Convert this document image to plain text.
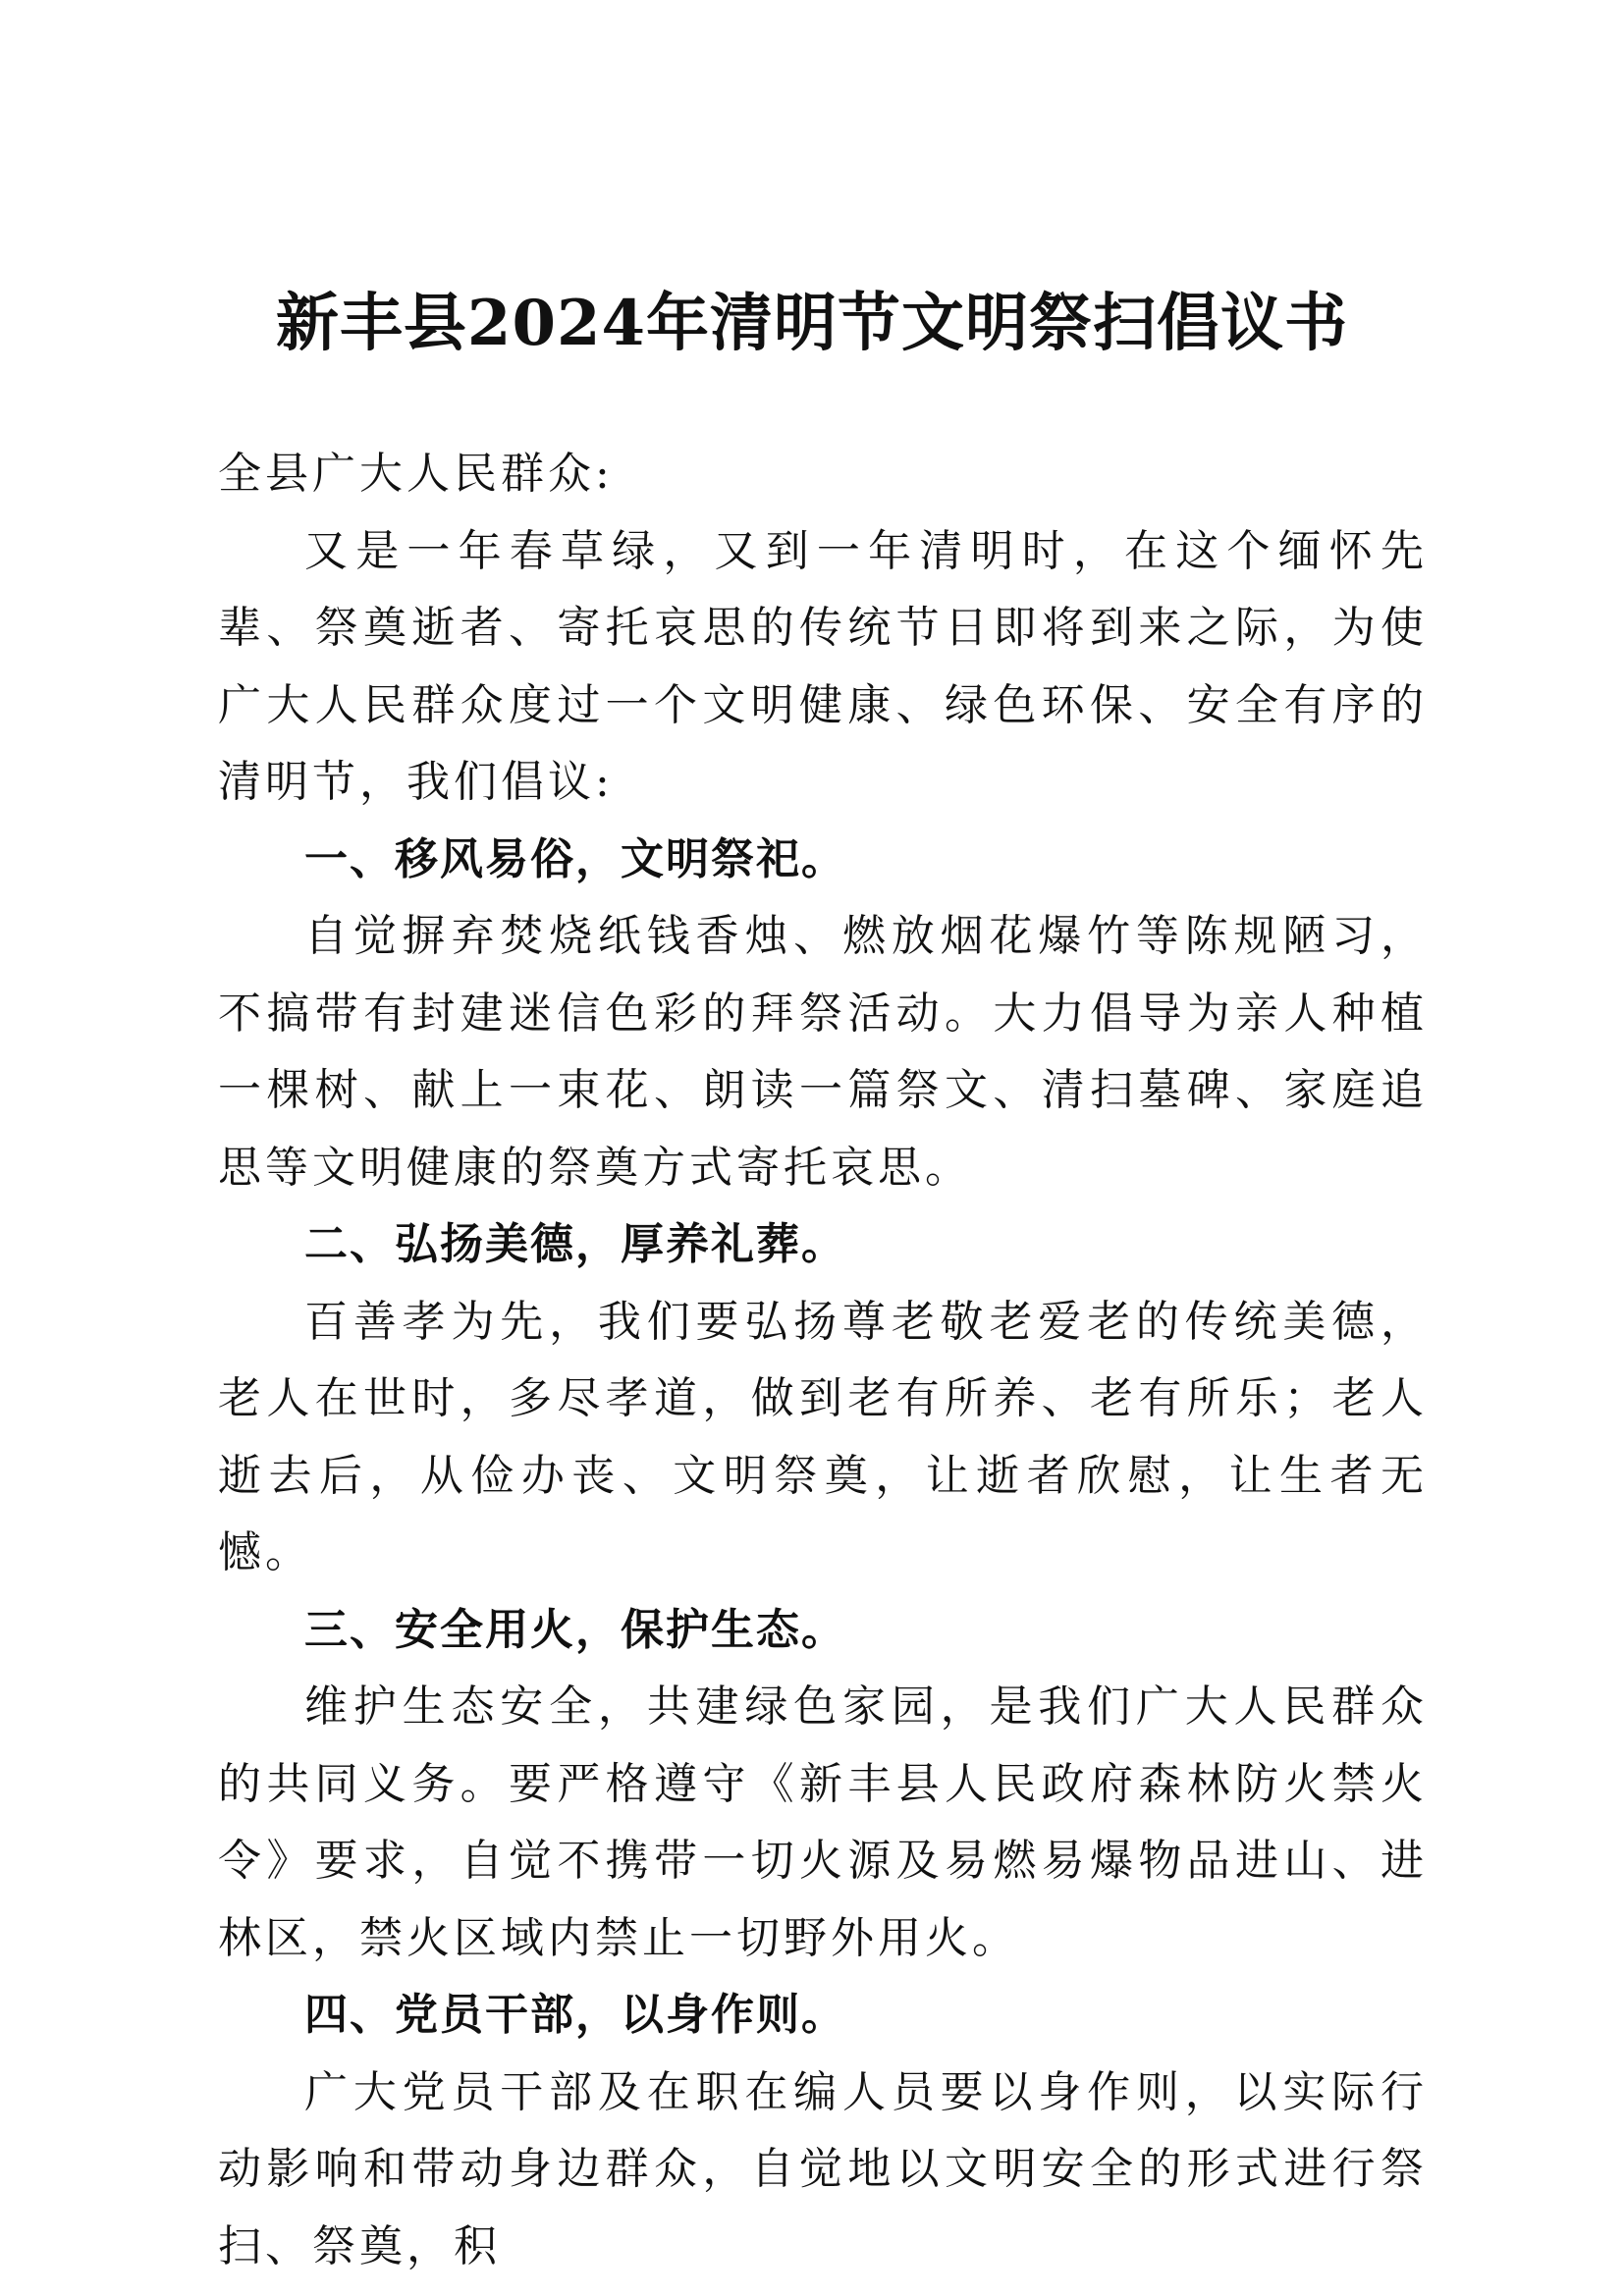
新丰县2024年清明节文明祭扫倡议书

全县广大人民群众:

又是一年春草绿，又到一年清明时，在这个缅怀先辈、祭奠逝者、寄托哀思的传统节日即将到来之际，为使广大人民群众度过一个文明健康、绿色环保、安全有序的清明节，我们倡议:

一、移风易俗，文明祭祀。

自觉摒弃焚烧纸钱香烛、燃放烟花爆竹等陈规陋习，不搞带有封建迷信色彩的拜祭活动。大力倡导为亲人种植一棵树、献上一束花、朗读一篇祭文、清扫墓碑、家庭追思等文明健康的祭奠方式寄托哀思。

二、弘扬美德，厚养礼葬。

百善孝为先，我们要弘扬尊老敬老爱老的传统美德，老人在世时，多尽孝道，做到老有所养、老有所乐；老人逝去后，从俭办丧、文明祭奠，让逝者欣慰，让生者无憾。

三、安全用火，保护生态。

维护生态安全，共建绿色家园，是我们广大人民群众的共同义务。要严格遵守《新丰县人民政府森林防火禁火令》要求，自觉不携带一切火源及易燃易爆物品进山、进林区，禁火区域内禁止一切野外用火。

四、党员干部，以身作则。

广大党员干部及在职在编人员要以身作则，以实际行动影响和带动身边群众，自觉地以文明安全的形式进行祭扫、祭奠，积
